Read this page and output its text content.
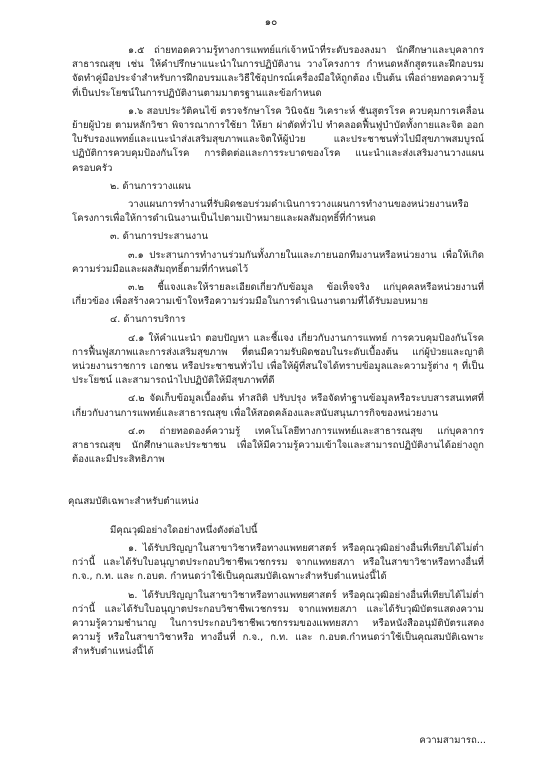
๑๐

๑.๕ ถ่ายทอดความรู้ทางการแพทย์แก่เจ้าหน้าที่ระดับรองลงมา นักศึกษาและบุคลากรสาธารณสุข เช่น ให้คำปรึกษาแนะนำในการปฏิบัติงาน วางโครงการ กำหนดหลักสูตรและฝึกอบรม จัดทำคู่มือประจำสำหรับการฝึกอบรมและวิธีใช้อุปกรณ์เครื่องมือให้ถูกต้อง เป็นต้น เพื่อถ่ายทอดความรู้ที่เป็นประโยชน์ในการปฏิบัติงานตามมาตรฐานและข้อกำหนด

๑.๖ สอบประวัติคนไข้ ตรวจรักษาโรค วินิจฉัย วิเคราะห์ ชันสูตรโรค ควบคุมการเคลื่อนย้ายผู้ป่วย ตามหลักวิชา พิจารณาการใช้ยา ให้ยา ผ่าตัดทั่วไป ทำคลอดฟื้นฟูบำบัดทั้งกายและจิต ออกใบรับรองแพทย์และแนะนำส่งเสริมสุขภาพและจิตให้ผู้ป่วย และประชาชนทั่วไปมีสุขภาพสมบูรณ์ ปฏิบัติการควบคุมป้องกันโรค การติดต่อและการระบาดของโรค แนะนำและส่งเสริมงานวางแผนครอบครัว

๒. ด้านการวางแผน

วางแผนการทำงานที่รับผิดชอบร่วมดำเนินการวางแผนการทำงานของหน่วยงานหรือโครงการเพื่อให้การดำเนินงานเป็นไปตามเป้าหมายและผลสัมฤทธิ์ที่กำหนด

๓. ด้านการประสานงาน

๓.๑ ประสานการทำงานร่วมกันทั้งภายในและภายนอกทีมงานหรือหน่วยงาน เพื่อให้เกิดความร่วมมือและผลสัมฤทธิ์ตามที่กำหนดไว้

๓.๒ ชี้แจงและให้รายละเอียดเกี่ยวกับข้อมูล ข้อเท็จจริง แก่บุคคลหรือหน่วยงานที่เกี่ยวข้อง เพื่อสร้างความเข้าใจหรือความร่วมมือในการดำเนินงานตามที่ได้รับมอบหมาย

๔. ด้านการบริการ

๔.๑ ให้คำแนะนำ ตอบปัญหา และชี้แจง เกี่ยวกับงานการแพทย์ การควบคุมป้องกันโรค การฟื้นฟูสภาพและการส่งเสริมสุขภาพ ที่ตนมีความรับผิดชอบในระดับเบื้องต้น แก่ผู้ป่วยและญาติ หน่วยงานราชการ เอกชน หรือประชาชนทั่วไป เพื่อให้ผู้ที่สนใจได้ทราบข้อมูลและความรู้ต่าง ๆ ที่เป็นประโยชน์ และสามารถนำไปปฏิบัติให้มีสุขภาพที่ดี

๔.๒ จัดเก็บข้อมูลเบื้องต้น ทำสถิติ ปรับปรุง หรือจัดทำฐานข้อมูลหรือระบบสารสนเทศที่เกี่ยวกับงานการแพทย์และสาธารณสุข เพื่อให้สอดคล้องและสนับสนุนภารกิจของหน่วยงาน

๔.๓ ถ่ายทอดองค์ความรู้ เทคโนโลยีทางการแพทย์และสาธารณสุข แก่บุคลากรสาธารณสุข นักศึกษาและประชาชน เพื่อให้มีความรู้ความเข้าใจและสามารถปฏิบัติงานได้อย่างถูกต้องและมีประสิทธิภาพ

คุณสมบัติเฉพาะสำหรับตำแหน่ง

มีคุณวุฒิอย่างใดอย่างหนึ่งดังต่อไปนี้

๑. ได้รับปริญญาในสาขาวิชาหรือทางแพทยศาสตร์ หรือคุณวุฒิอย่างอื่นที่เทียบได้ไม่ต่ำกว่านี้ และได้รับใบอนุญาตประกอบวิชาชีพเวชกรรม จากแพทยสภา หรือในสาขาวิชาหรือทางอื่นที่ ก.จ., ก.ท. และ ก.อบต. กำหนดว่าใช้เป็นคุณสมบัติเฉพาะสำหรับตำแหน่งนี้ได้

๒. ได้รับปริญญาในสาขาวิชาหรือทางแพทยศาสตร์ หรือคุณวุฒิอย่างอื่นที่เทียบได้ไม่ต่ำกว่านี้ และได้รับใบอนุญาตประกอบวิชาชีพเวชกรรม จากแพทยสภา และได้รับวุฒิบัตรแสดงความความรู้ความชำนาญ ในการประกอบวิชาชีพเวชกรรมของแพทยสภา หรือหนังสืออนุมัติบัตรแสดงความรู้ หรือในสาขาวิชาหรือ ทางอื่นที่ ก.จ., ก.ท. และ ก.อบต.กำหนดว่าใช้เป็นคุณสมบัติเฉพาะสำหรับตำแหน่งนี้ได้

ความสามารถ...
